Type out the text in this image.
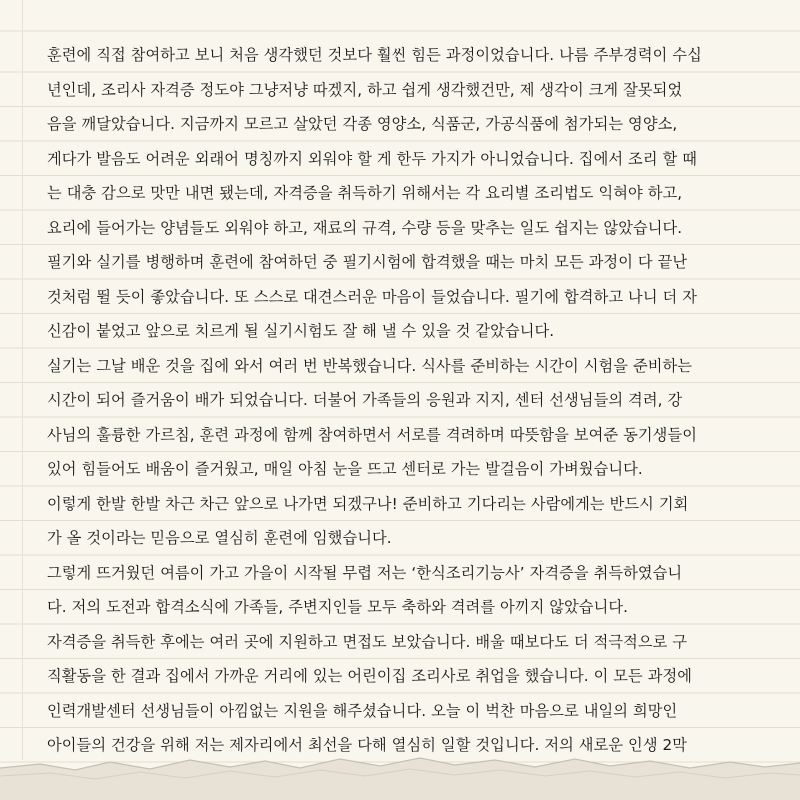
훈련에 직접 참여하고 보니 처음 생각했던 것보다 훨씬 힘든 과정이었습니다. 나름 주부경력이 수십
년인데, 조리사 자격증 정도야 그냥저냥 따겠지, 하고 쉽게 생각했건만, 제 생각이 크게 잘못되었
음을 깨달았습니다. 지금까지 모르고 살았던 각종 영양소, 식품군, 가공식품에 첨가되는 영양소,
게다가 발음도 어려운 외래어 명칭까지 외워야 할 게 한두 가지가 아니었습니다. 집에서 조리 할 때
는 대충 감으로 맛만 내면 됐는데, 자격증을 취득하기 위해서는 각 요리별 조리법도 익혀야 하고,
요리에 들어가는 양념들도 외워야 하고, 재료의 규격, 수량 등을 맞추는 일도 쉽지는 않았습니다.
필기와 실기를 병행하며 훈련에 참여하던 중 필기시험에 합격했을 때는 마치 모든 과정이 다 끝난
것처럼 뛸 듯이 좋았습니다. 또 스스로 대견스러운 마음이 들었습니다. 필기에 합격하고 나니 더 자
신감이 붙었고 앞으로 치르게 될 실기시험도 잘 해 낼 수 있을 것 같았습니다.
실기는 그날 배운 것을 집에 와서 여러 번 반복했습니다. 식사를 준비하는 시간이 시험을 준비하는
시간이 되어 즐거움이 배가 되었습니다. 더불어 가족들의 응원과 지지, 센터 선생님들의 격려, 강
사님의 훌륭한 가르침, 훈련 과정에 함께 참여하면서 서로를 격려하며 따뜻함을 보여준 동기생들이
있어 힘들어도 배움이 즐거웠고, 매일 아침 눈을 뜨고 센터로 가는 발걸음이 가벼웠습니다.
이렇게 한발 한발 차근 차근 앞으로 나가면 되겠구나! 준비하고 기다리는 사람에게는 반드시 기회
가 올 것이라는 믿음으로 열심히 훈련에 임했습니다.
그렇게 뜨거웠던 여름이 가고 가을이 시작될 무렵 저는 ‘한식조리기능사’ 자격증을 취득하였습니
다. 저의 도전과 합격소식에 가족들, 주변지인들 모두 축하와 격려를 아끼지 않았습니다.
자격증을 취득한 후에는 여러 곳에 지원하고 면접도 보았습니다. 배울 때보다도 더 적극적으로 구
직활동을 한 결과 집에서 가까운 거리에 있는 어린이집 조리사로 취업을 했습니다. 이 모든 과정에
인력개발센터 선생님들이 아낌없는 지원을 해주셨습니다. 오늘 이 벅찬 마음으로 내일의 희망인
아이들의 건강을 위해 저는 제자리에서 최선을 다해 열심히 일할 것입니다. 저의 새로운 인생 2막
